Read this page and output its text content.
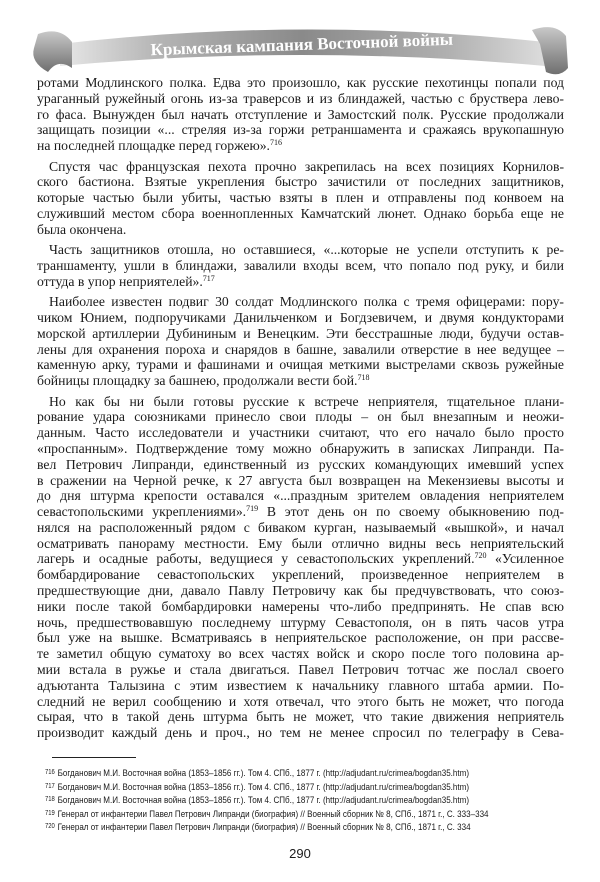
Крымская кампания Восточной войны
ротами Модлинского полка. Едва это произошло, как русские пехотинцы попали под
ураганный ружейный огонь из-за траверсов и из блиндажей, частью с бруствера лево-
го фаса. Вынужден был начать отступление и Замостский полк. Русские продолжали
защищать позиции «... стреляя из-за горжи ретраншамента и сражаясь врукопашную
на последней площадке перед горжею».$^{716}$
Спустя час французская пехота прочно закрепилась на всех позициях Корнилов-
ского бастиона. Взятые укрепления быстро зачистили от последних защитников,
которые частью были убиты, частью взяты в плен и отправлены под конвоем на
служивший местом сбора военнопленных Камчатский люнет. Однако борьба еще не
была окончена.
Часть защитников отошла, но оставшиеся, «...которые не успели отступить к ре-
траншаменту, ушли в блиндажи, завалили входы всем, что попало под руку, и били
оттуда в упор неприятелей».$^{717}$
Наиболее известен подвиг 30 солдат Модлинского полка с тремя офицерами: пору-
чиком Юнием, подпоручиками Данильченком и Богдзевичем, и двумя кондукторами
морской артиллерии Дубининым и Венецким. Эти бесстрашные люди, будучи остав-
лены для охранения пороха и снарядов в башне, завалили отверстие в нее ведущее –
каменную арку, турами и фашинами и очищая меткими выстрелами сквозь ружейные
бойницы площадку за башнею, продолжали вести бой.$^{718}$
Но как бы ни были готовы русские к встрече неприятеля, тщательное плани-
рование удара союзниками принесло свои плоды – он был внезапным и неожи-
данным. Часто исследователи и участники считают, что его начало было просто
«проспанным». Подтверждение тому можно обнаружить в записках Липранди. Па-
вел Петрович Липранди, единственный из русских командующих имевший успех
в сражении на Черной речке, к 27 августа был возвращен на Мекензиевы высоты и
до дня штурма крепости оставался «...праздным зрителем овладения неприятелем
севастопольскими укреплениями».$^{719}$ В этот день он по своему обыкновению под-
нялся на расположенный рядом с биваком курган, называемый «вышкой», и начал
осматривать панораму местности. Ему были отлично видны весь неприятельский
лагерь и осадные работы, ведущиеся у севастопольских укреплений.$^{720}$ «Усиленное
бомбардирование севастопольских укреплений, произведенное неприятелем в
предшествующие дни, давало Павлу Петровичу как бы предчувствовать, что союз-
ники после такой бомбардировки намерены что-либо предпринять. Не спав всю
ночь, предшествовавшую последнему штурму Севастополя, он в пять часов утра
был уже на вышке. Всматриваясь в неприятельское расположение, он при рассве-
те заметил общую суматоху во всех частях войск и скоро после того половина ар-
мии встала в ружье и стала двигаться. Павел Петрович тотчас же послал своего
адъютанта Талызина с этим известием к начальнику главного штаба армии. По-
следний не верил сообщению и хотя отвечал, что этого быть не может, что погода
сырая, что в такой день штурма быть не может, что такие движения неприятель
производит каждый день и проч., но тем не менее спросил по телеграфу в Сева-
716 Богданович М.И. Восточная война (1853–1856 гг.). Том 4. СПб., 1877 г. (http://adjudant.ru/crimea/bogdan35.htm)
717 Богданович М.И. Восточная война (1853–1856 гг.). Том 4. СПб., 1877 г. (http://adjudant.ru/crimea/bogdan35.htm)
718 Богданович М.И. Восточная война (1853–1856 гг.). Том 4. СПб., 1877 г. (http://adjudant.ru/crimea/bogdan35.htm)
719 Генерал от инфантерии Павел Петрович Липранди (биография) // Военный сборник № 8, СПб., 1871 г., С. 333–334
720 Генерал от инфантерии Павел Петрович Липранди (биография) // Военный сборник № 8, СПб., 1871 г., С. 334
290
